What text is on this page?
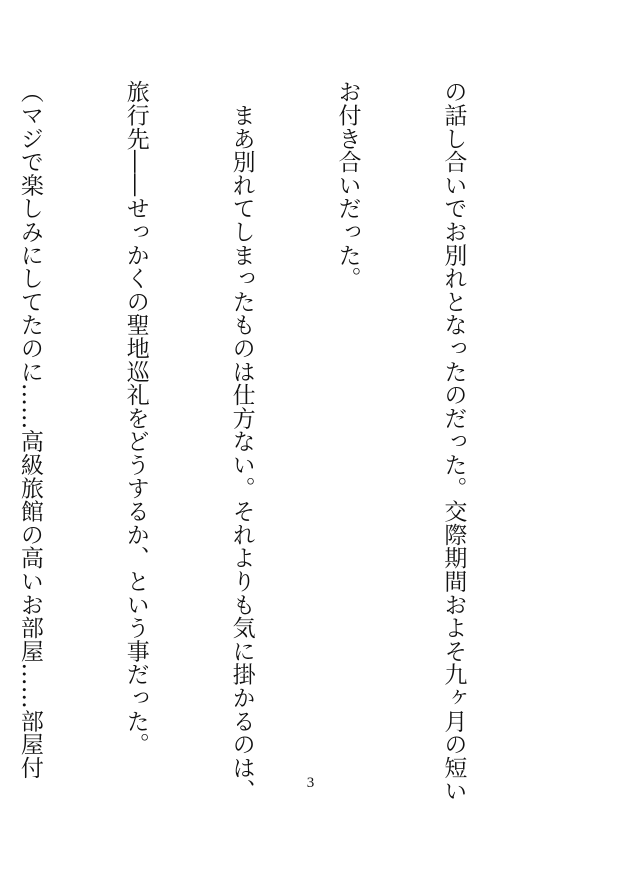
の話し合いでお別れとなったのだった。交際期間およそ九ヶ月の短い

お付き合いだった。

　まあ別れてしまったものは仕方ない。それよりも気に掛かるのは、

旅行先――せっかくの聖地巡礼をどうするか、という事だった。

（マジで楽しみにしてたのに……高級旅館の高いお部屋……部屋付

3
